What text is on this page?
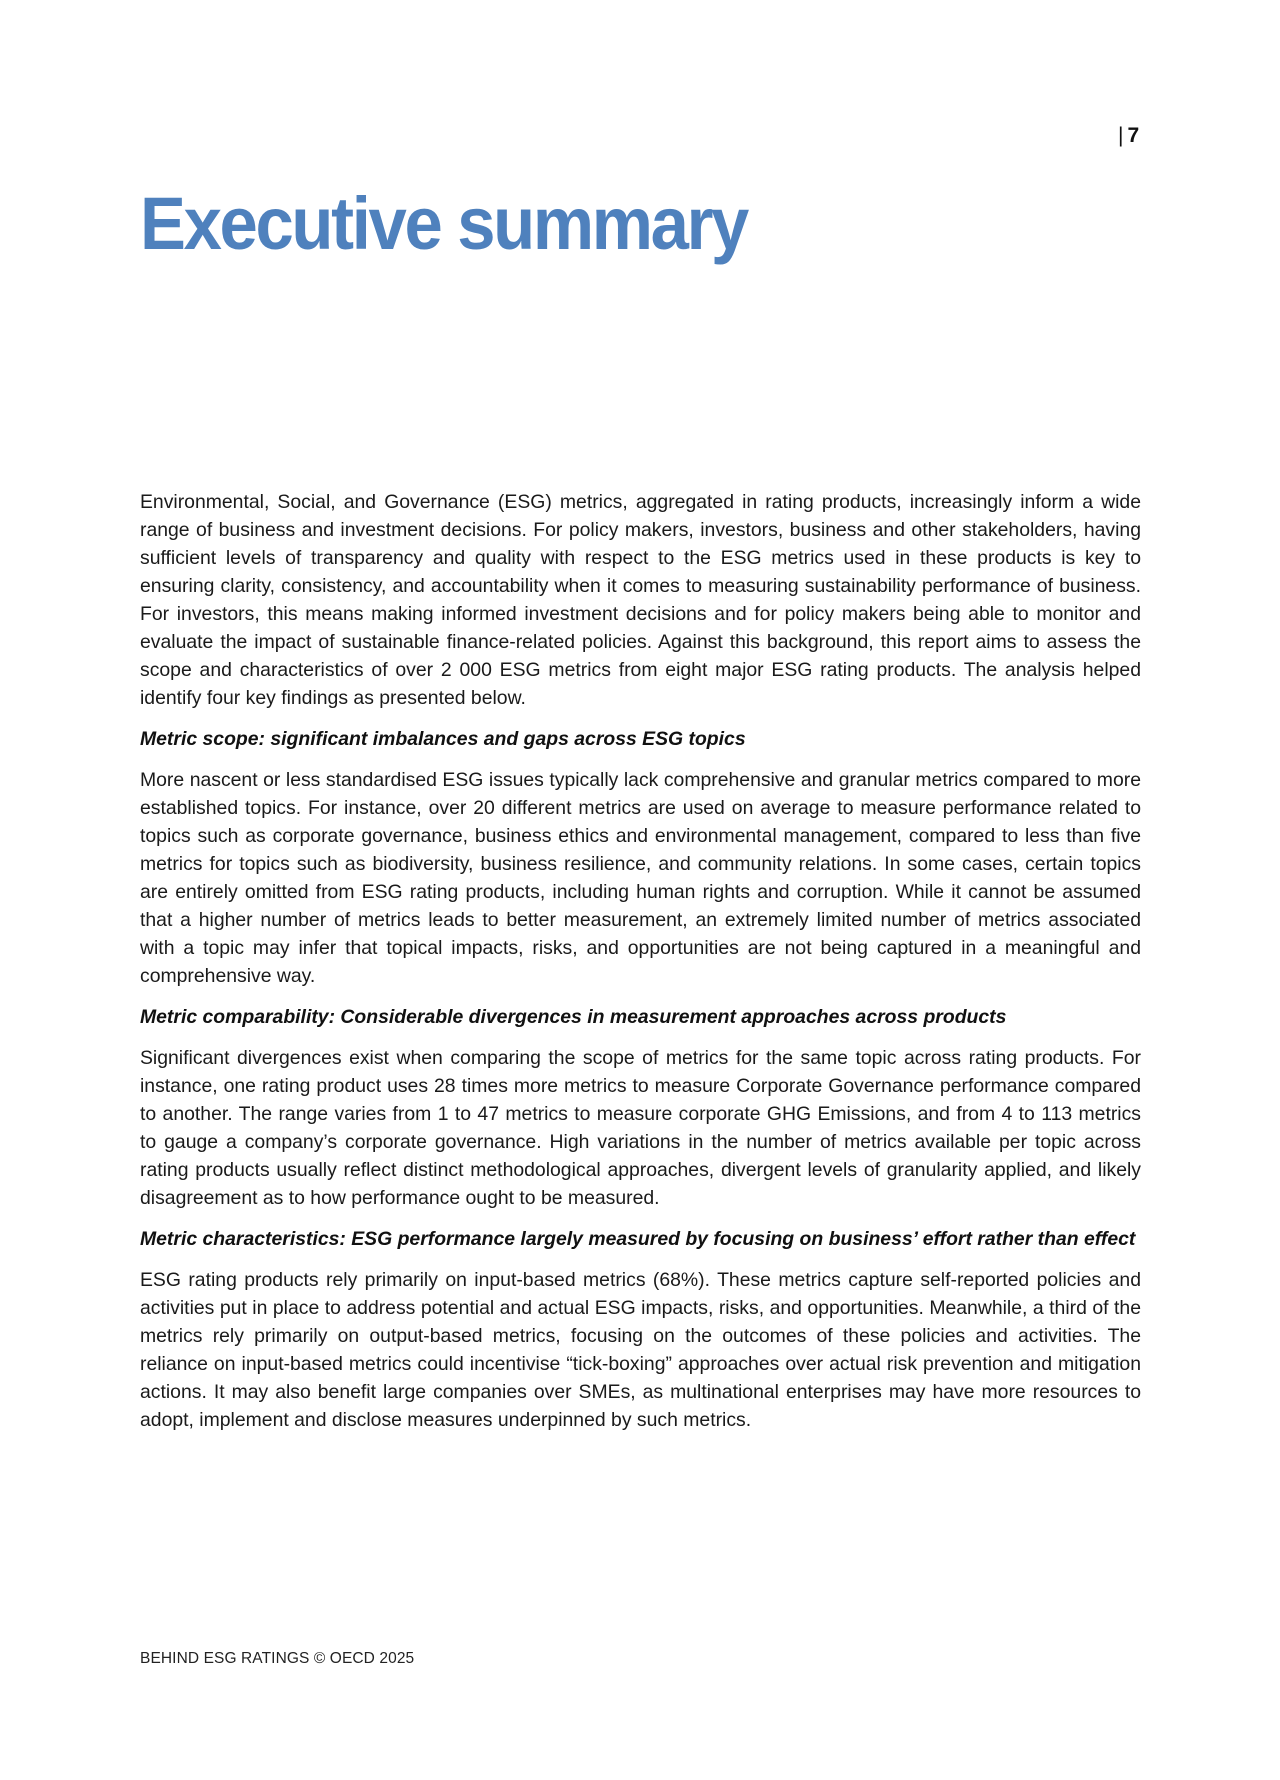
| 7
Executive summary

Environmental, Social, and Governance (ESG) metrics, aggregated in rating products, increasingly inform a wide range of business and investment decisions. For policy makers, investors, business and other stakeholders, having sufficient levels of transparency and quality with respect to the ESG metrics used in these products is key to ensuring clarity, consistency, and accountability when it comes to measuring sustainability performance of business. For investors, this means making informed investment decisions and for policy makers being able to monitor and evaluate the impact of sustainable finance-related policies. Against this background, this report aims to assess the scope and characteristics of over 2 000 ESG metrics from eight major ESG rating products. The analysis helped identify four key findings as presented below.

Metric scope: significant imbalances and gaps across ESG topics

More nascent or less standardised ESG issues typically lack comprehensive and granular metrics compared to more established topics. For instance, over 20 different metrics are used on average to measure performance related to topics such as corporate governance, business ethics and environmental management, compared to less than five metrics for topics such as biodiversity, business resilience, and community relations. In some cases, certain topics are entirely omitted from ESG rating products, including human rights and corruption. While it cannot be assumed that a higher number of metrics leads to better measurement, an extremely limited number of metrics associated with a topic may infer that topical impacts, risks, and opportunities are not being captured in a meaningful and comprehensive way.

Metric comparability: Considerable divergences in measurement approaches across products

Significant divergences exist when comparing the scope of metrics for the same topic across rating products. For instance, one rating product uses 28 times more metrics to measure Corporate Governance performance compared to another. The range varies from 1 to 47 metrics to measure corporate GHG Emissions, and from 4 to 113 metrics to gauge a company’s corporate governance. High variations in the number of metrics available per topic across rating products usually reflect distinct methodological approaches, divergent levels of granularity applied, and likely disagreement as to how performance ought to be measured.

Metric characteristics: ESG performance largely measured by focusing on business’ effort rather than effect

ESG rating products rely primarily on input-based metrics (68%). These metrics capture self-reported policies and activities put in place to address potential and actual ESG impacts, risks, and opportunities. Meanwhile, a third of the metrics rely primarily on output-based metrics, focusing on the outcomes of these policies and activities. The reliance on input-based metrics could incentivise “tick-boxing” approaches over actual risk prevention and mitigation actions. It may also benefit large companies over SMEs, as multinational enterprises may have more resources to adopt, implement and disclose measures underpinned by such metrics.

BEHIND ESG RATINGS © OECD 2025
